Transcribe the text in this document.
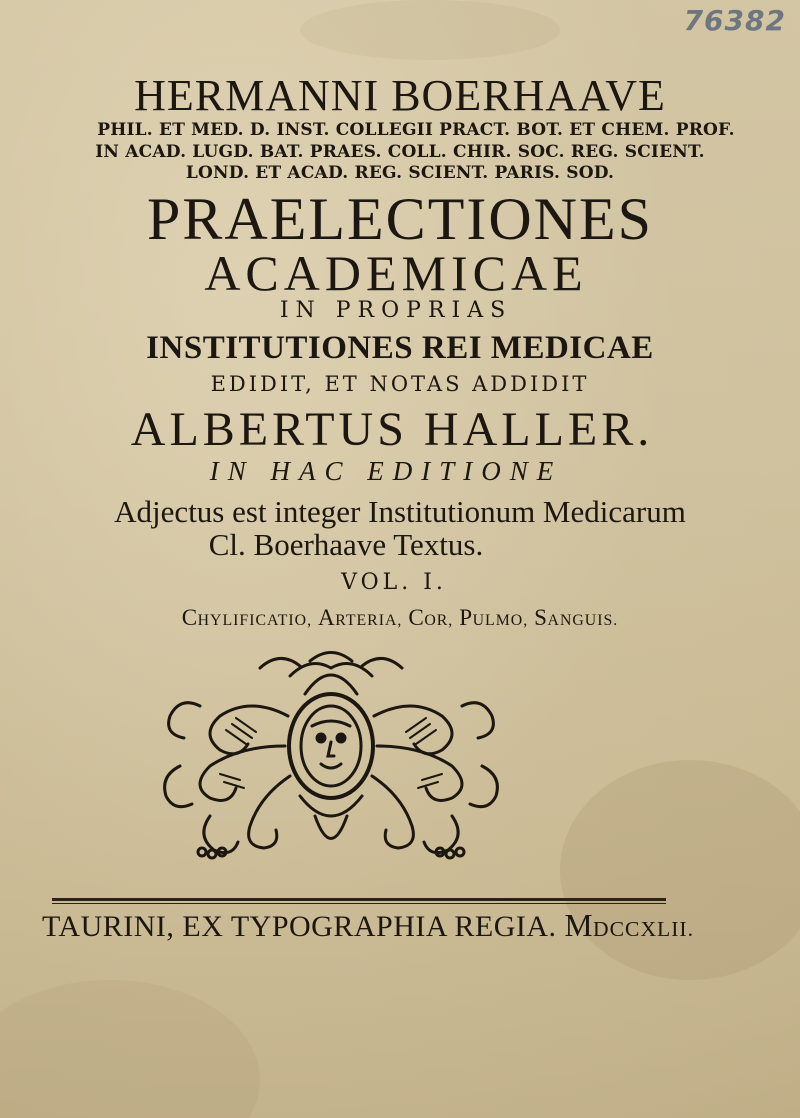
76382
HERMANNI BOERHAAVE
PHIL. ET MED. D. INST. COLLEGII PRACT. BOT. ET CHEM. PROF.
IN ACAD. LUGD. BAT. PRAES. COLL. CHIR. SOC. REG. SCIENT.
LOND. ET ACAD. REG. SCIENT. PARIS. SOD.
PRAELECTIONES
ACADEMICAE
IN PROPRIAS
INSTITUTIONES REI MEDICAE
EDIDIT, ET NOTAS ADDIDIT
ALBERTUS HALLER.
IN HAC EDITIONE
Adjectus est integer Institutionum Medicarum
Cl. Boerhaave Textus.
VOL. I.
CHYLIFICATIO, ARTERIA, COR, PULMO, SANGUIS.
TAURINI, EX TYPOGRAPHIA REGIA. MDCCXLII.
